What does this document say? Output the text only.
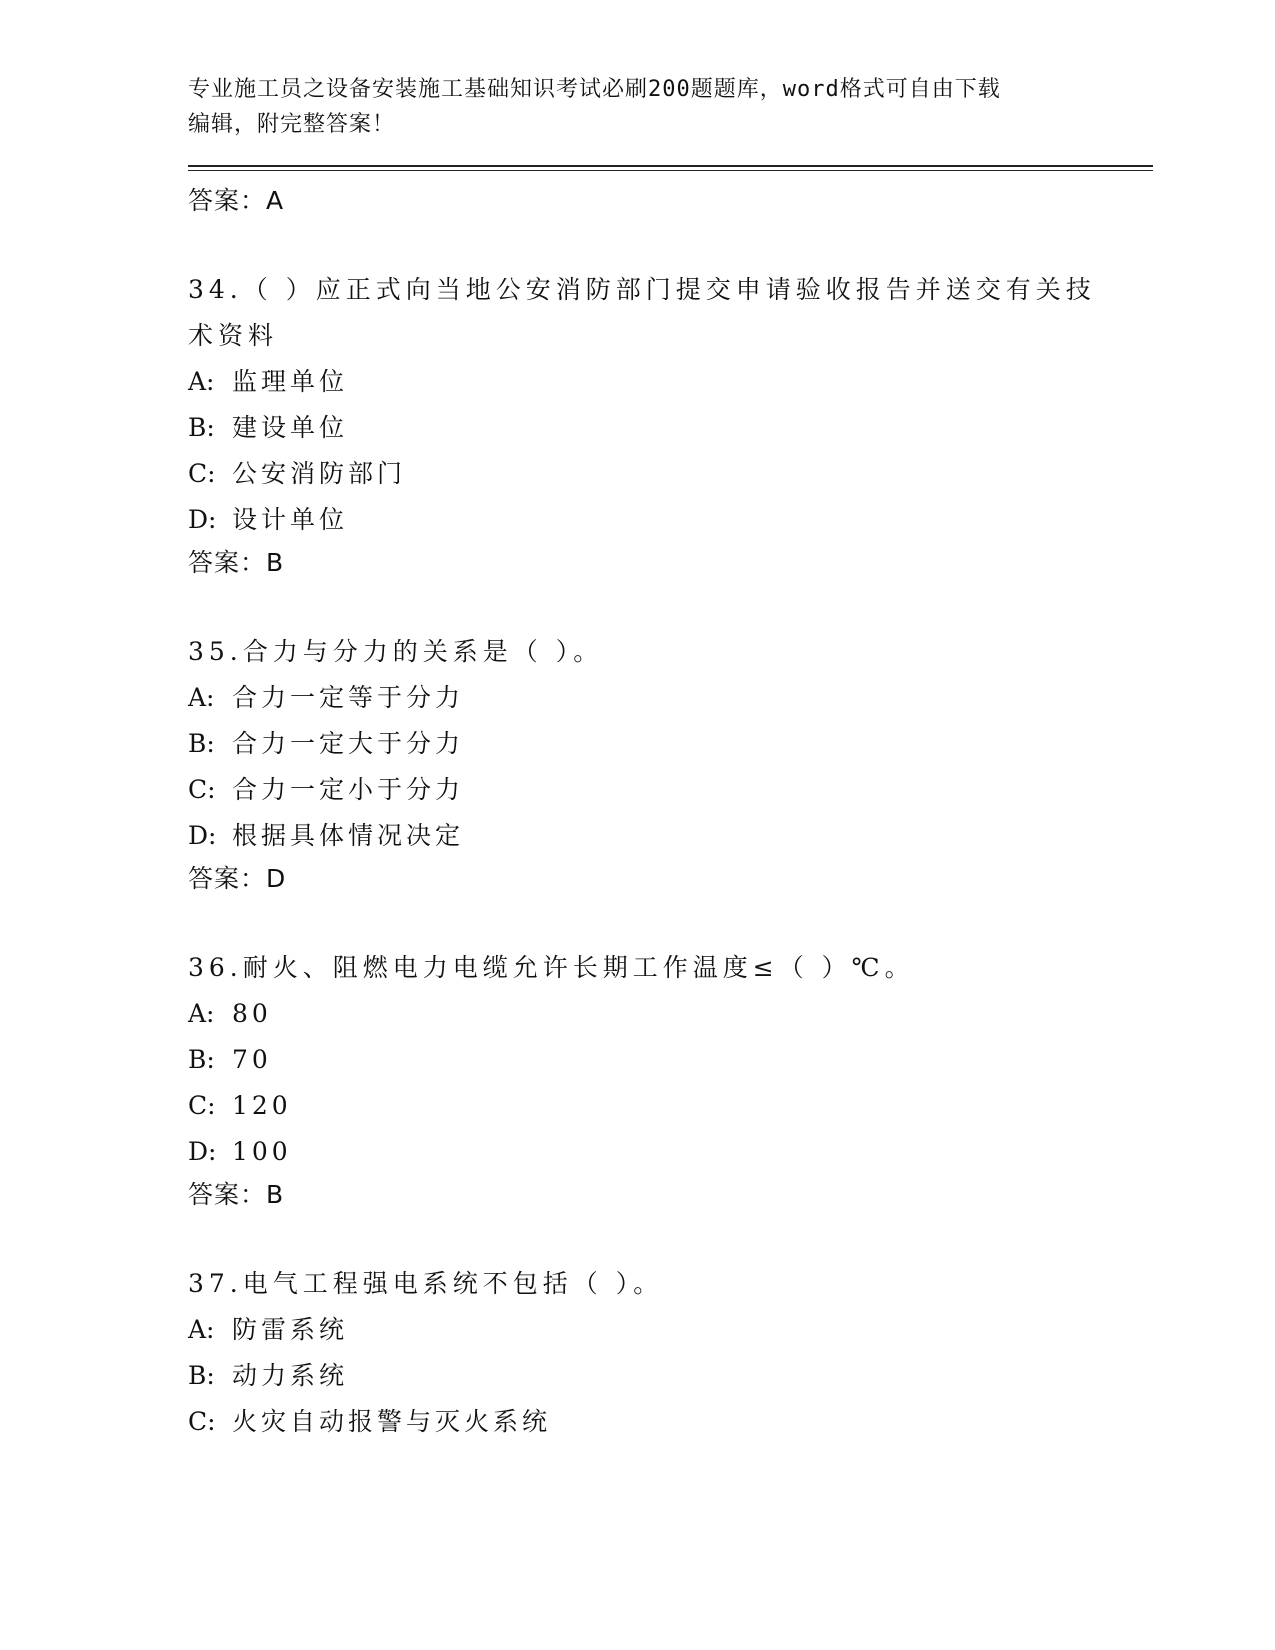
专业施工员之设备安装施工基础知识考试必刷200题题库，word格式可自由下载
编辑，附完整答案！
答案：A
34.（ ）应正式向当地公安消防部门提交申请验收报告并送交有关技
术资料
A: 监理单位
B: 建设单位
C: 公安消防部门
D: 设计单位
答案：B
35.合力与分力的关系是（ ）。
A: 合力一定等于分力
B: 合力一定大于分力
C: 合力一定小于分力
D: 根据具体情况决定
答案：D
36.耐火、阻燃电力电缆允许长期工作温度≤（ ）℃。
A: 80
B: 70
C: 120
D: 100
答案：B
37.电气工程强电系统不包括（ ）。
A: 防雷系统
B: 动力系统
C: 火灾自动报警与灭火系统
